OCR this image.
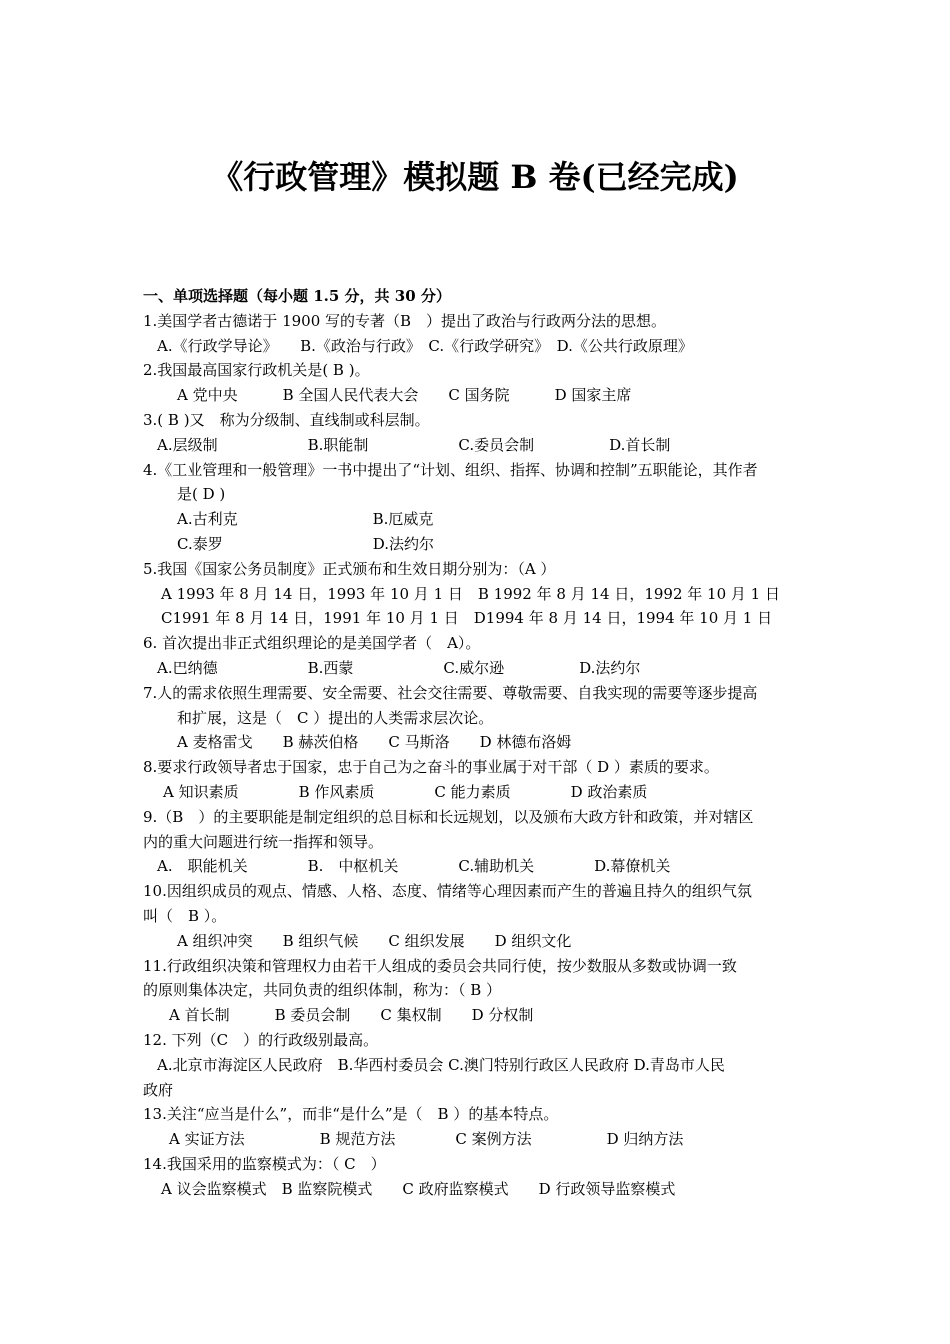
《行政管理》模拟题 B 卷(已经完成)
一、单项选择题（每小题 1.5 分，共 30 分）
1.美国学者古德诺于 1900 写的专著（B　）提出了政治与行政两分法的思想。
A.《行政学导论》　　B.《政治与行政》　C.《行政学研究》　D.《公共行政原理》
2.我国最高国家行政机关是( B )。
A 党中央　　　B 全国人民代表大会　　C 国务院　　　D 国家主席
3.( B )又　称为分级制、直线制或科层制。
A.层级制　　　　　　B.职能制　　　　　　C.委员会制　　　　　D.首长制
4.《工业管理和一般管理》一书中提出了“计划、组织、指挥、协调和控制”五职能论，其作者
是( D )
A.古利克　　　　　　　　　B.厄威克
C.泰罗　　　　　　　　　　D.法约尔
5.我国《国家公务员制度》正式颁布和生效日期分别为：（A ）
A 1993 年 8 月 14 日，1993 年 10 月 1 日　B 1992 年 8 月 14 日，1992 年 10 月 1 日
C1991 年 8 月 14 日，1991 年 10 月 1 日　D1994 年 8 月 14 日，1994 年 10 月 1 日
6. 首次提出非正式组织理论的是美国学者（　A）。
A.巴纳德　　　　　　B.西蒙　　　　　　C.威尔逊　　　　　D.法约尔
7.人的需求依照生理需要、安全需要、社会交往需要、尊敬需要、自我实现的需要等逐步提高
和扩展，这是（　C ）提出的人类需求层次论。
A 麦格雷戈　　B 赫茨伯格　　C 马斯洛　　D 林德布洛姆
8.要求行政领导者忠于国家，忠于自己为之奋斗的事业属于对干部（ D ）素质的要求。
A 知识素质　　　　B 作风素质　　　　C 能力素质　　　　D 政治素质
9.（B　）的主要职能是制定组织的总目标和长远规划，以及颁布大政方针和政策，并对辖区
内的重大问题进行统一指挥和领导。
A.　职能机关　　　　B.　中枢机关　　　　C.辅助机关　　　　D.幕僚机关
10.因组织成员的观点、情感、人格、态度、情绪等心理因素而产生的普遍且持久的组织气氛
叫（　B ）。
A 组织冲突　　B 组织气候　　C 组织发展　　D 组织文化
11.行政组织决策和管理权力由若干人组成的委员会共同行使，按少数服从多数或协调一致
的原则集体决定，共同负责的组织体制，称为：（ B ）
A 首长制　　　B 委员会制　　C 集权制　　D 分权制
12. 下列（C　）的行政级别最高。
A.北京市海淀区人民政府　B.华西村委员会 C.澳门特别行政区人民政府 D.青岛市人民
政府
13.关注“应当是什么”，而非“是什么”是（　B ）的基本特点。
A 实证方法　　　　　B 规范方法　　　　C 案例方法　　　　　D 归纳方法
14.我国采用的监察模式为：（ C　）
A 议会监察模式　B 监察院模式　　C 政府监察模式　　D 行政领导监察模式
